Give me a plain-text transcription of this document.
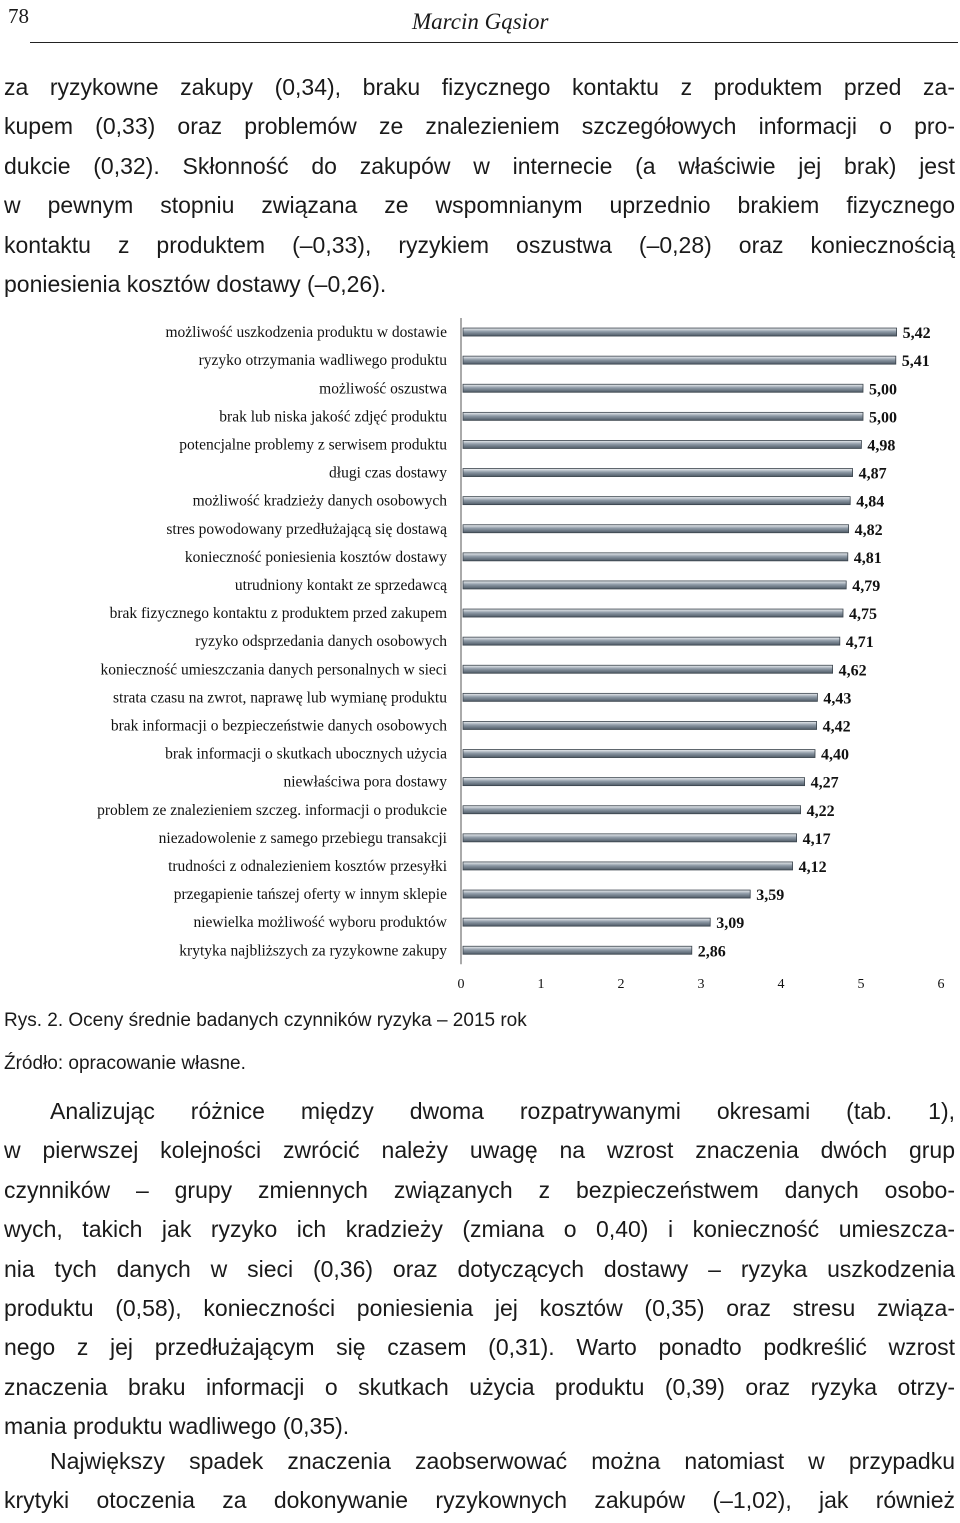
78	Marcin Gąsior
za ryzykowne zakupy (0,34), braku fizycznego kontaktu z produktem przed za-
kupem (0,33) oraz problemów ze znalezieniem szczegółowych informacji o pro-
dukcie (0,32). Skłonność do zakupów w internecie (a właściwie jej brak) jest
w pewnym stopniu związana ze wspomnianym uprzednio brakiem fizycznego
kontaktu z produktem (–0,33), ryzykiem oszustwa (–0,28) oraz koniecznością
poniesienia kosztów dostawy (–0,26).
możliwość uszkodzenia produktu w dostawie	5,42
ryzyko otrzymania wadliwego produktu	5,41
możliwość oszustwa	5,00
brak lub niska jakość zdjęć produktu	5,00
potencjalne problemy z serwisem produktu	4,98
długi czas dostawy	4,87
możliwość kradzieży danych osobowych	4,84
stres powodowany przedłużającą się dostawą	4,82
konieczność poniesienia kosztów dostawy	4,81
utrudniony kontakt ze sprzedawcą	4,79
brak fizycznego kontaktu z produktem przed zakupem	4,75
ryzyko odsprzedania danych osobowych	4,71
konieczność umieszczania danych personalnych w sieci	4,62
strata czasu na zwrot, naprawę lub wymianę produktu	4,43
brak informacji o bezpieczeństwie danych osobowych	4,42
brak informacji o skutkach ubocznych użycia	4,40
niewłaściwa pora dostawy	4,27
problem ze znalezieniem szczeg. informacji o produkcie	4,22
niezadowolenie z samego przebiegu transakcji	4,17
trudności z odnalezieniem kosztów przesyłki	4,12
przegapienie tańszej oferty w innym sklepie	3,59
niewielka możliwość wyboru produktów	3,09
krytyka najbliższych za ryzykowne zakupy	2,86
0	1	2	3	4	5	6
Rys. 2. Oceny średnie badanych czynników ryzyka – 2015 rok
Źródło: opracowanie własne.
Analizując różnice między dwoma rozpatrywanymi okresami (tab. 1),
w pierwszej kolejności zwrócić należy uwagę na wzrost znaczenia dwóch grup
czynników – grupy zmiennych związanych z bezpieczeństwem danych osobo-
wych, takich jak ryzyko ich kradzieży (zmiana o 0,40) i konieczność umieszcza-
nia tych danych w sieci (0,36) oraz dotyczących dostawy – ryzyka uszkodzenia
produktu (0,58), konieczności poniesienia jej kosztów (0,35) oraz stresu związa-
nego z jej przedłużającym się czasem (0,31). Warto ponadto podkreślić wzrost
znaczenia braku informacji o skutkach użycia produktu (0,39) oraz ryzyka otrzy-
mania produktu wadliwego (0,35).
Największy spadek znaczenia zaobserwować można natomiast w przypadku
krytyki otoczenia za dokonywanie ryzykownych zakupów (–1,02), jak również
